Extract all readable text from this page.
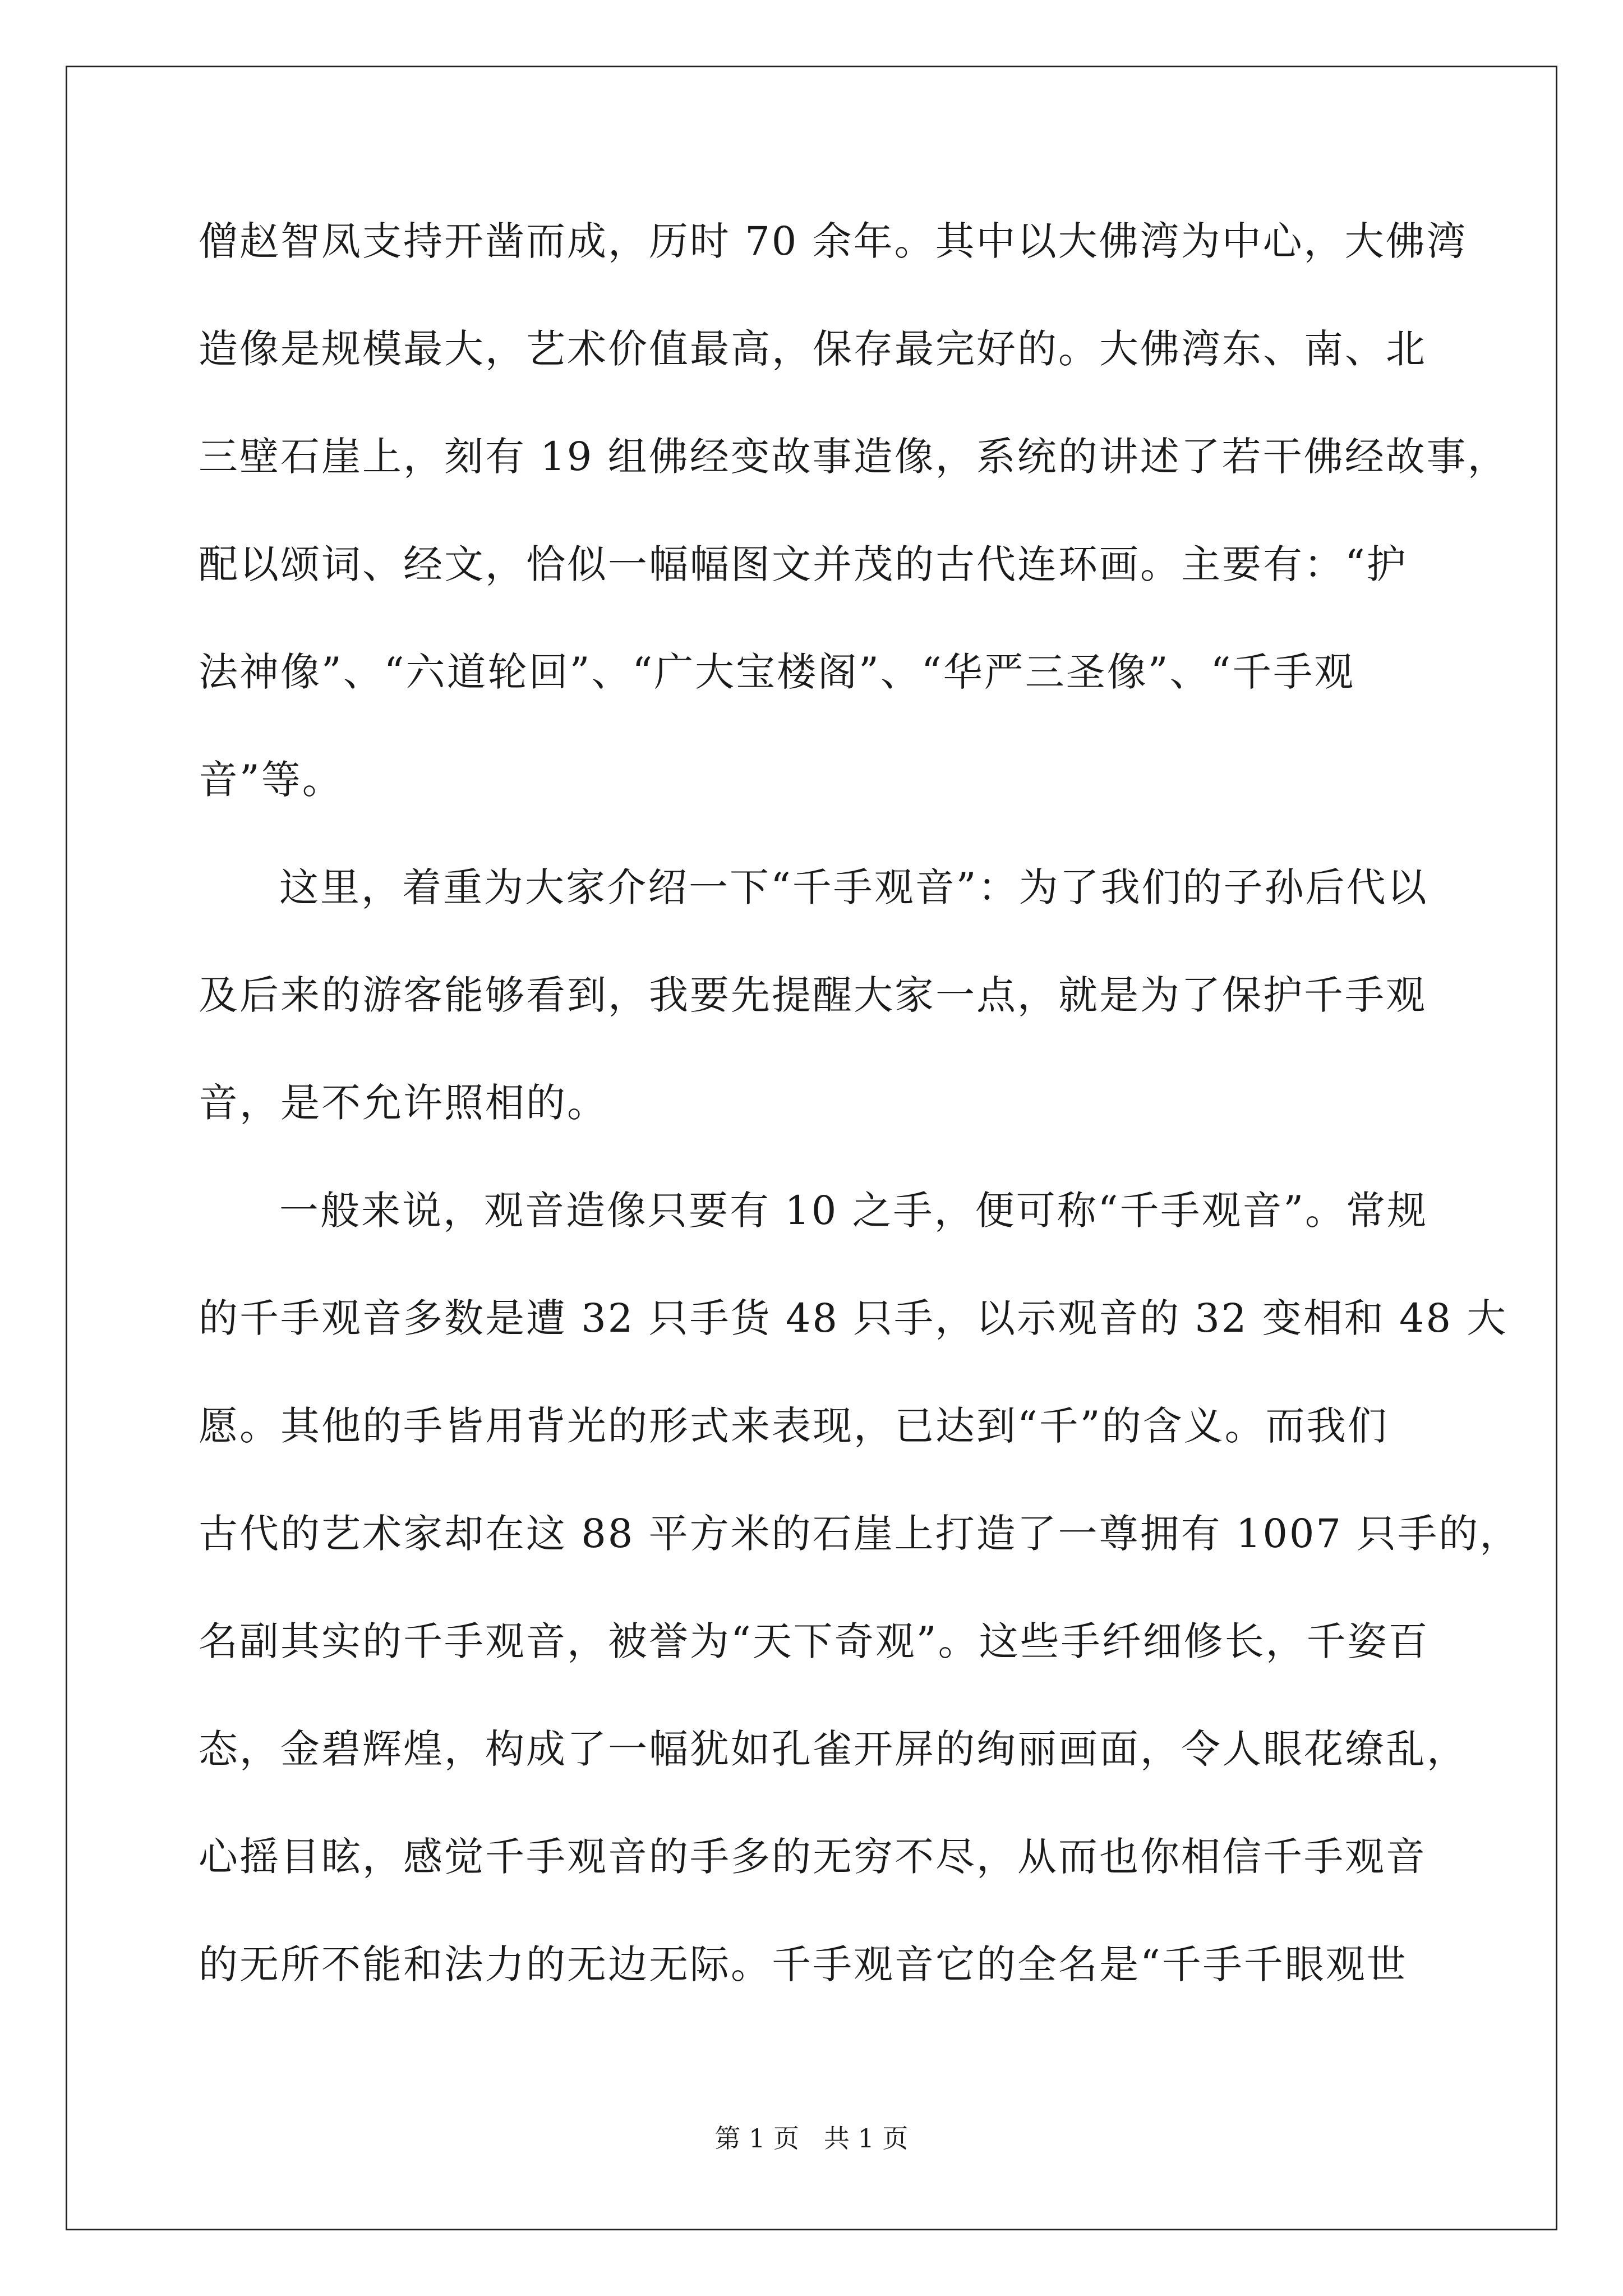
僧赵智凤支持开凿而成，历时 70 余年。其中以大佛湾为中心，大佛湾
造像是规模最大，艺术价值最高，保存最完好的。大佛湾东、南、北
三壁石崖上，刻有 19 组佛经变故事造像，系统的讲述了若干佛经故事，
配以颂词、经文，恰似一幅幅图文并茂的古代连环画。主要有：“护
法神像”、“六道轮回”、“广大宝楼阁”、“华严三圣像”、“千手观
音”等。
这里，着重为大家介绍一下“千手观音”：为了我们的子孙后代以
及后来的游客能够看到，我要先提醒大家一点，就是为了保护千手观
音，是不允许照相的。
一般来说，观音造像只要有 10 之手，便可称“千手观音”。常规
的千手观音多数是遭 32 只手货 48 只手，以示观音的 32 变相和 48 大
愿。其他的手皆用背光的形式来表现，已达到“千”的含义。而我们
古代的艺术家却在这 88 平方米的石崖上打造了一尊拥有 1007 只手的，
名副其实的千手观音，被誉为“天下奇观”。这些手纤细修长，千姿百
态，金碧辉煌，构成了一幅犹如孔雀开屏的绚丽画面，令人眼花缭乱，
心摇目眩，感觉千手观音的手多的无穷不尽，从而也你相信千手观音
的无所不能和法力的无边无际。千手观音它的全名是“千手千眼观世
第 1 页   共 1 页
